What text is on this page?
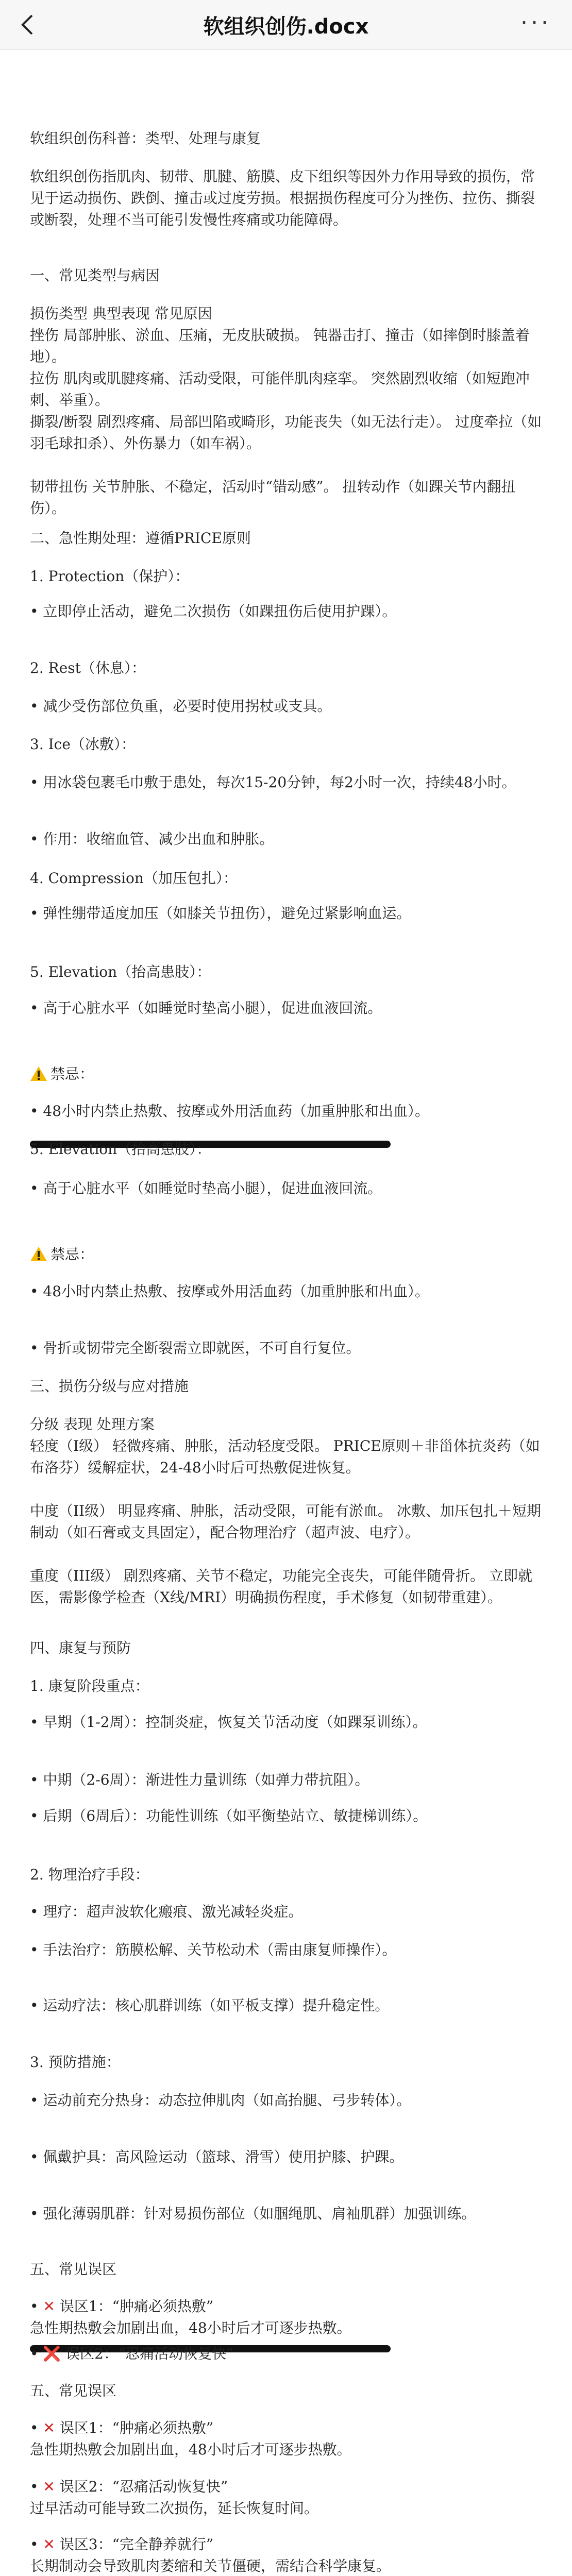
软组织创伤.docx	···
软组织创伤科普：类型、处理与康复
软组织创伤指肌肉、韧带、肌腱、筋膜、皮下组织等因外力作用导致的损伤，常见于运动损伤、跌倒、撞击或过度劳损。根据损伤程度可分为挫伤、拉伤、撕裂或断裂，处理不当可能引发慢性疼痛或功能障碍。
一、常见类型与病因
损伤类型 典型表现 常见原因
挫伤 局部肿胀、淤血、压痛，无皮肤破损。 钝器击打、撞击（如摔倒时膝盖着地）。
拉伤 肌肉或肌腱疼痛、活动受限，可能伴肌肉痉挛。 突然剧烈收缩（如短跑冲刺、举重）。
撕裂/断裂 剧烈疼痛、局部凹陷或畸形，功能丧失（如无法行走）。 过度牵拉（如羽毛球扣杀）、外伤暴力（如车祸）。
韧带扭伤 关节肿胀、不稳定，活动时“错动感”。 扭转动作（如踝关节内翻扭伤）。
二、急性期处理：遵循PRICE原则
1. Protection（保护）：
• 立即停止活动，避免二次损伤（如踝扭伤后使用护踝）。
2. Rest（休息）：
• 减少受伤部位负重，必要时使用拐杖或支具。
3. Ice（冰敷）：
• 用冰袋包裹毛巾敷于患处，每次15-20分钟，每2小时一次，持续48小时。
• 作用：收缩血管、减少出血和肿胀。
4. Compression（加压包扎）：
• 弹性绷带适度加压（如膝关节扭伤），避免过紧影响血运。
5. Elevation（抬高患肢）：
• 高于心脏水平（如睡觉时垫高小腿），促进血液回流。
禁忌：
• 48小时内禁止热敷、按摩或外用活血药（加重肿胀和出血）。
5. Elevation（抬高患肢）：
• 高于心脏水平（如睡觉时垫高小腿），促进血液回流。
禁忌：
• 48小时内禁止热敷、按摩或外用活血药（加重肿胀和出血）。
• 骨折或韧带完全断裂需立即就医，不可自行复位。
三、损伤分级与应对措施
分级 表现 处理方案
轻度（I级） 轻微疼痛、肿胀，活动轻度受限。 PRICE原则＋非甾体抗炎药（如布洛芬）缓解症状，24-48小时后可热敷促进恢复。
中度（II级） 明显疼痛、肿胀，活动受限，可能有淤血。 冰敷、加压包扎＋短期制动（如石膏或支具固定），配合物理治疗（超声波、电疗）。
重度（III级） 剧烈疼痛、关节不稳定，功能完全丧失，可能伴随骨折。 立即就医，需影像学检查（X线/MRI）明确损伤程度，手术修复（如韧带重建）。
四、康复与预防
1. 康复阶段重点：
• 早期（1-2周）：控制炎症，恢复关节活动度（如踝泵训练）。
• 中期（2-6周）：渐进性力量训练（如弹力带抗阻）。
• 后期（6周后）：功能性训练（如平衡垫站立、敏捷梯训练）。
2. 物理治疗手段：
• 理疗：超声波软化瘢痕、激光减轻炎症。
• 手法治疗：筋膜松解、关节松动术（需由康复师操作）。
• 运动疗法：核心肌群训练（如平板支撑）提升稳定性。
3. 预防措施：
• 运动前充分热身：动态拉伸肌肉（如高抬腿、弓步转体）。
• 佩戴护具：高风险运动（篮球、滑雪）使用护膝、护踝。
• 强化薄弱肌群：针对易损伤部位（如腘绳肌、肩袖肌群）加强训练。
五、常见误区
• ✕ 误区1：“肿痛必须热敷”
急性期热敷会加剧出血，48小时后才可逐步热敷。
• ❌ 误区2：“忍痛活动恢复快”
五、常见误区
• ✕ 误区1：“肿痛必须热敷”
急性期热敷会加剧出血，48小时后才可逐步热敷。
• ✕ 误区2：“忍痛活动恢复快”
过早活动可能导致二次损伤，延长恢复时间。
• ✕ 误区3：“完全静养就行”
长期制动会导致肌肉萎缩和关节僵硬，需结合科学康复。
